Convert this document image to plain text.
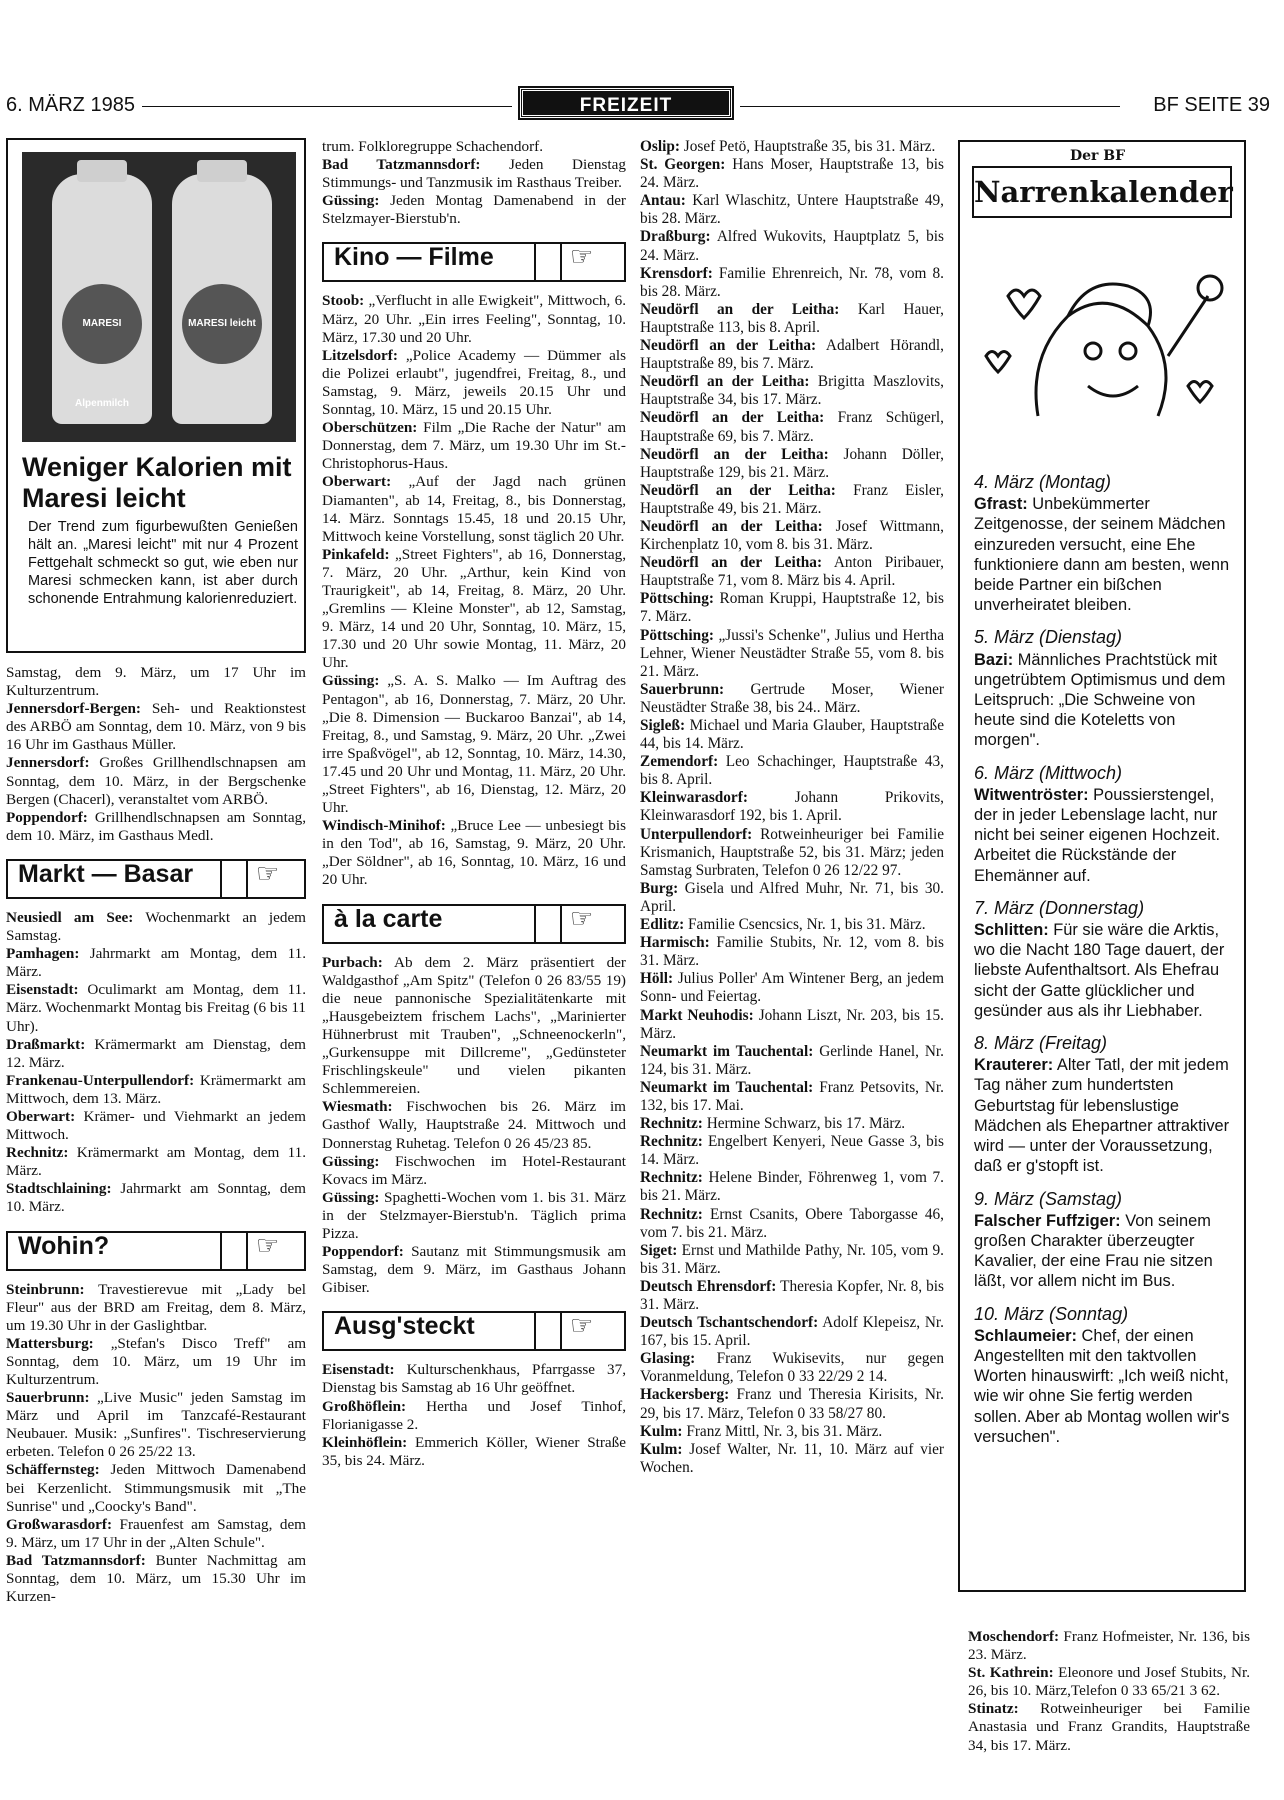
6. MÄRZ 1985	FREIZEIT	BF SEITE 39
MARESI Alpenmilch
MARESI leicht
Weniger Kalorien mit Maresi leicht
Der Trend zum figurbewußten Genießen hält an. „Maresi leicht" mit nur 4 Prozent Fettgehalt schmeckt so gut, wie eben nur Maresi schmecken kann, ist aber durch schonende Entrahmung kalorienreduziert.

Samstag, dem 9. März, um 17 Uhr im Kulturzentrum.

Jennersdorf-Bergen: Seh- und Reaktionstest des ARBÖ am Sonntag, dem 10. März, von 9 bis 16 Uhr im Gasthaus Müller.

Jennersdorf: Großes Grillhendlschnapsen am Sonntag, dem 10. März, in der Bergschenke Bergen (Chacerl), veranstaltet vom ARBÖ.

Poppendorf: Grillhendlschnapsen am Sonntag, dem 10. März, im Gasthaus Medl.

Markt — Basar ☞

Neusiedl am See: Wochenmarkt an jedem Samstag.

Pamhagen: Jahrmarkt am Montag, dem 11. März.

Eisenstadt: Oculimarkt am Montag, dem 11. März. Wochenmarkt Montag bis Freitag (6 bis 11 Uhr).

Draßmarkt: Krämermarkt am Dienstag, dem 12. März.

Frankenau-Unterpullendorf: Krämermarkt am Mittwoch, dem 13. März.

Oberwart: Krämer- und Viehmarkt an jedem Mittwoch.

Rechnitz: Krämermarkt am Montag, dem 11. März.

Stadtschlaining: Jahrmarkt am Sonntag, dem 10. März.

Wohin?	☞

Steinbrunn: Travestierevue mit „Lady bel Fleur" aus der BRD am Freitag, dem 8. März, um 19.30 Uhr in der Gaslightbar.

Mattersburg: „Stefan's Disco Treff" am Sonntag, dem 10. März, um 19 Uhr im Kulturzentrum.

Sauerbrunn: „Live Music" jeden Samstag im März und April im Tanzcafé-Restaurant Neubauer. Musik: „Sunfires". Tischreservierung erbeten. Telefon 0 26 25/22 13.

Schäffernsteg: Jeden Mittwoch Damenabend bei Kerzenlicht. Stimmungsmusik mit „The Sunrise" und „Coocky's Band".

Großwarasdorf: Frauenfest am Samstag, dem 9. März, um 17 Uhr in der „Alten Schule".

Bad Tatzmannsdorf: Bunter Nachmittag am Sonntag, dem 10. März, um 15.30 Uhr im Kurzen-

trum. Folkloregruppe Schachendorf.

Bad Tatzmannsdorf: Jeden Dienstag Stimmungs- und Tanzmusik im Rasthaus Treiber.

Güssing: Jeden Montag Damenabend in der Stelzmayer-Bierstub'n.

Kino — Filme	☞

Stoob: „Verflucht in alle Ewigkeit", Mittwoch, 6. März, 20 Uhr. „Ein irres Feeling", Sonntag, 10. März, 17.30 und 20 Uhr.

Litzelsdorf: „Police Academy — Dümmer als die Polizei erlaubt", jugendfrei, Freitag, 8., und Samstag, 9. März, jeweils 20.15 Uhr und Sonntag, 10. März, 15 und 20.15 Uhr.

Oberschützen: Film „Die Rache der Natur" am Donnerstag, dem 7. März, um 19.30 Uhr im St.-Christophorus-Haus.

Oberwart: „Auf der Jagd nach grünen Diamanten", ab 14, Freitag, 8., bis Donnerstag, 14. März. Sonntags 15.45, 18 und 20.15 Uhr, Mittwoch keine Vorstellung, sonst täglich 20 Uhr.

Pinkafeld: „Street Fighters", ab 16, Donnerstag, 7. März, 20 Uhr. „Arthur, kein Kind von Traurigkeit", ab 14, Freitag, 8. März, 20 Uhr. „Gremlins — Kleine Monster", ab 12, Samstag, 9. März, 14 und 20 Uhr, Sonntag, 10. März, 15, 17.30 und 20 Uhr sowie Montag, 11. März, 20 Uhr.

Güssing: „S. A. S. Malko — Im Auftrag des Pentagon", ab 16, Donnerstag, 7. März, 20 Uhr. „Die 8. Dimension — Buckaroo Banzai", ab 14, Freitag, 8., und Samstag, 9. März, 20 Uhr. „Zwei irre Spaßvögel", ab 12, Sonntag, 10. März, 14.30, 17.45 und 20 Uhr und Montag, 11. März, 20 Uhr. „Street Fighters", ab 16, Dienstag, 12. März, 20 Uhr.

Windisch-Minihof: „Bruce Lee — unbesiegt bis in den Tod", ab 16, Samstag, 9. März, 20 Uhr. „Der Söldner", ab 16, Sonntag, 10. März, 16 und 20 Uhr.

à la carte	☞

Purbach: Ab dem 2. März präsentiert der Waldgasthof „Am Spitz" (Telefon 0 26 83/55 19) die neue pannonische Spezialitätenkarte mit „Hausgebeiztem frischem Lachs", „Marinierter Hühnerbrust mit Trauben", „Schneenockerln", „Gurkensuppe mit Dillcreme", „Gedünsteter Frischlingskeule" und vielen pikanten Schlemmereien.

Wiesmath: Fischwochen bis 26. März im Gasthof Wally, Hauptstraße 24. Mittwoch und Donnerstag Ruhetag. Telefon 0 26 45/23 85.

Güssing: Fischwochen im Hotel-Restaurant Kovacs im März.

Güssing: Spaghetti-Wochen vom 1. bis 31. März in der Stelzmayer-Bierstub'n. Täglich prima Pizza.

Poppendorf: Sautanz mit Stimmungsmusik am Samstag, dem 9. März, im Gasthaus Johann Gibiser.

Ausg'steckt	☞

Eisenstadt: Kulturschenkhaus, Pfarrgasse 37, Dienstag bis Samstag ab 16 Uhr geöffnet.

Großhöflein: Hertha und Josef Tinhof, Florianigasse 2.

Kleinhöflein: Emmerich Köller, Wiener Straße 35, bis 24. März.

Oslip: Josef Petö, Hauptstraße 35, bis 31. März.

St. Georgen: Hans Moser, Hauptstraße 13, bis 24. März.

Antau: Karl Wlaschitz, Untere Hauptstraße 49, bis 28. März.

Draßburg: Alfred Wukovits, Hauptplatz 5, bis 24. März.

Krensdorf: Familie Ehrenreich, Nr. 78, vom 8. bis 28. März.

Neudörfl an der Leitha: Karl Hauer, Hauptstraße 113, bis 8. April.

Neudörfl an der Leitha: Adalbert Hörandl, Hauptstraße 89, bis 7. März.

Neudörfl an der Leitha: Brigitta Maszlovits, Hauptstraße 34, bis 17. März.

Neudörfl an der Leitha: Franz Schügerl, Hauptstraße 69, bis 7. März.

Neudörfl an der Leitha: Johann Döller, Hauptstraße 129, bis 21. März.

Neudörfl an der Leitha: Franz Eisler, Hauptstraße 49, bis 21. März.

Neudörfl an der Leitha: Josef Wittmann, Kirchenplatz 10, vom 8. bis 31. März.

Neudörfl an der Leitha: Anton Piribauer, Hauptstraße 71, vom 8. März bis 4. April.

Pöttsching: Roman Kruppi, Hauptstraße 12, bis 7. März.

Pöttsching: „Jussi's Schenke", Julius und Hertha Lehner, Wiener Neustädter Straße 55, vom 8. bis 21. März.

Sauerbrunn: Gertrude Moser, Wiener Neustädter Straße 38, bis 24.. März.

Sigleß: Michael und Maria Glauber, Hauptstraße 44, bis 14. März.

Zemendorf: Leo Schachinger, Hauptstraße 43, bis 8. April.

Kleinwarasdorf:	Johann Prikovits, Kleinwarasdorf 192, bis 1. April.

Unterpullendorf: Rotweinheuriger bei Familie Krismanich, Hauptstraße 52, bis 31. März; jeden Samstag Surbraten, Telefon 0 26 12/22 97.

Burg: Gisela und Alfred Muhr, Nr. 71, bis 30. April.

Edlitz: Familie Csencsics, Nr. 1, bis 31. März.

Harmisch: Familie Stubits, Nr. 12, vom 8. bis 31. März.

Höll: Julius Poller' Am Wintener Berg, an jedem Sonn- und Feiertag.

Markt Neuhodis: Johann Liszt, Nr. 203, bis 15. März.

Neumarkt im Tauchental: Gerlinde Hanel, Nr. 124, bis 31. März.

Neumarkt im Tauchental: Franz Petsovits, Nr. 132, bis 17. Mai.

Rechnitz: Hermine Schwarz, bis 17. März.

Rechnitz: Engelbert Kenyeri, Neue Gasse 3, bis 14. März.

Rechnitz: Helene Binder, Föhrenweg 1, vom 7. bis 21. März.

Rechnitz: Ernst Csanits, Obere Taborgasse 46, vom 7. bis 21. März.

Siget: Ernst und Mathilde Pathy, Nr. 105, vom 9. bis 31. März.

Deutsch Ehrensdorf: Theresia Kopfer, Nr. 8, bis 31. März.

Deutsch Tschantschendorf: Adolf Klepeisz, Nr. 167, bis 15. April.

Glasing: Franz Wukisevits, nur gegen Voranmeldung, Telefon 0 33 22/29 2 14.

Hackersberg: Franz und Theresia Kirisits, Nr. 29, bis 17. März, Telefon 0 33 58/27 80.

Kulm: Franz Mittl, Nr. 3, bis 31. März.

Kulm: Josef Walter, Nr. 11, 10. März auf vier Wochen.

Der BF
Narrenkalender
4. März (Montag)

Gfrast: Unbekümmerter Zeitgenosse, der seinem Mädchen einzureden versucht, eine Ehe funktioniere dann am besten, wenn beide Partner ein bißchen unverheiratet bleiben.

5. März (Dienstag)

Bazi: Männliches Prachtstück mit ungetrübtem Optimismus und dem Leitspruch: „Die Schweine von heute sind die Koteletts von morgen".

6. März (Mittwoch)

Witwentröster: Poussierstengel, der in jeder Lebenslage lacht, nur nicht bei seiner eigenen Hochzeit. Arbeitet die Rückstände der Ehemänner auf.

7. März (Donnerstag)

Schlitten: Für sie wäre die Arktis, wo die Nacht 180 Tage dauert, der liebste Aufenthaltsort. Als Ehefrau sicht der Gatte glücklicher und gesünder aus als ihr Liebhaber.

8. März (Freitag)

Krauterer: Alter Tatl, der mit jedem Tag näher zum hundertsten Geburtstag für lebenslustige Mädchen als Ehepartner attraktiver wird — unter der Voraussetzung, daß er g'stopft ist.

9. März (Samstag)

Falscher Fuffziger: Von seinem großen Charakter überzeugter Kavalier, der eine Frau nie sitzen läßt, vor allem nicht im Bus.

10. März (Sonntag)

Schlaumeier: Chef, der einen Angestellten mit den taktvollen Worten hinauswirft: „Ich weiß nicht, wie wir ohne Sie fertig werden sollen. Aber ab Montag wollen wir's versuchen".

Moschendorf: Franz Hofmeister, Nr. 136, bis 23. März.

St. Kathrein: Eleonore und Josef Stubits, Nr. 26, bis 10. März,Telefon 0 33 65/21 3 62.

Stinatz: Rotweinheuriger bei Familie Anastasia und Franz Grandits, Hauptstraße 34, bis 17. März.
